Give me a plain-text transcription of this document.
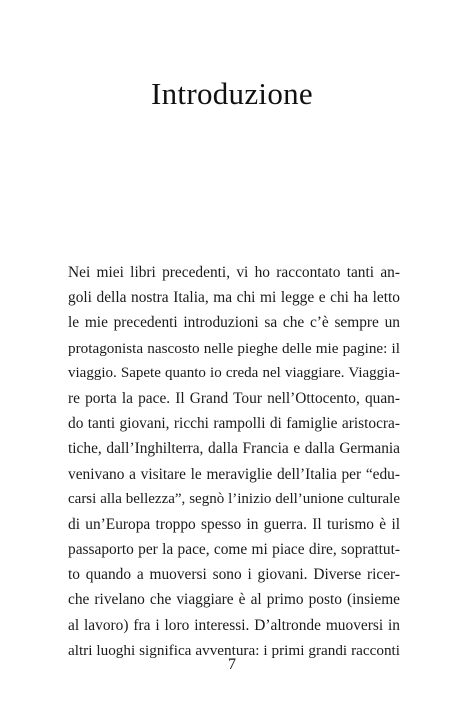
Introduzione
Nei miei libri precedenti, vi ho raccontato tanti an-
goli della nostra Italia, ma chi mi legge e chi ha letto
le mie precedenti introduzioni sa che c’è sempre un
protagonista nascosto nelle pieghe delle mie pagine: il
viaggio. Sapete quanto io creda nel viaggiare. Viaggia-
re porta la pace. Il Grand Tour nell’Ottocento, quan-
do tanti giovani, ricchi rampolli di famiglie aristocra-
tiche, dall’Inghilterra, dalla Francia e dalla Germania
venivano a visitare le meraviglie dell’Italia per “edu-
carsi alla bellezza”, segnò l’inizio dell’unione culturale
di un’Europa troppo spesso in guerra. Il turismo è il
passaporto per la pace, come mi piace dire, soprattut-
to quando a muoversi sono i giovani. Diverse ricer-
che rivelano che viaggiare è al primo posto (insieme
al lavoro) fra i loro interessi. D’altronde muoversi in
altri luoghi significa avventura: i primi grandi racconti
7
